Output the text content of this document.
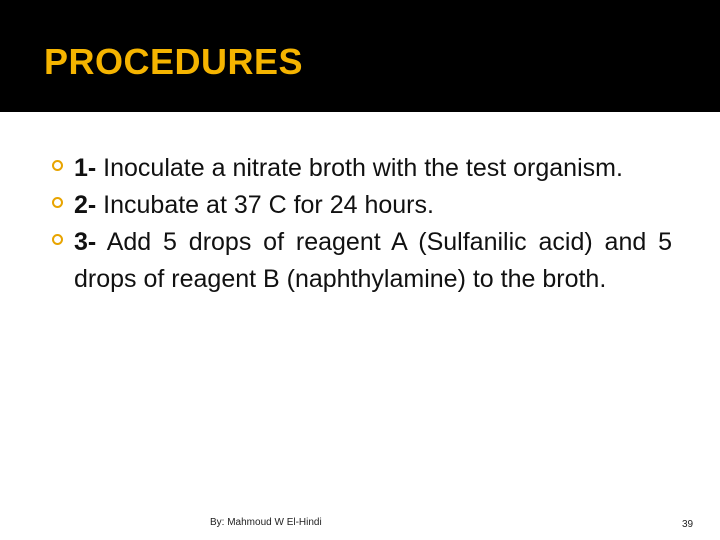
PROCEDURES
1- Inoculate a nitrate broth with the test organism.
2- Incubate at 37 C for 24 hours.
3- Add 5 drops of reagent A (Sulfanilic acid) and 5 drops of reagent B (naphthylamine) to the broth.
By: Mahmoud W El-Hindi	39
